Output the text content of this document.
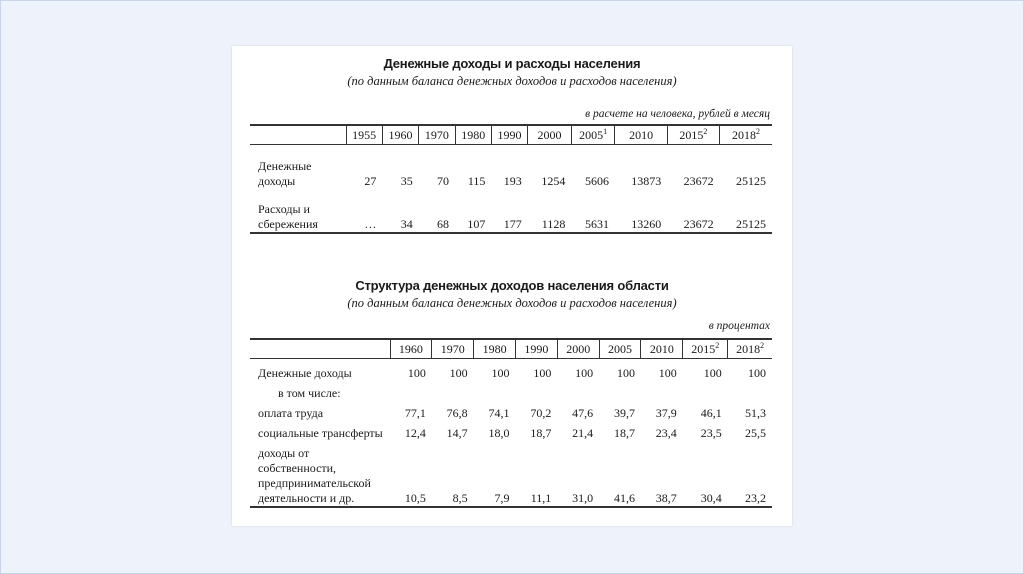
Денежные доходы и расходы населения
(по данным баланса денежных доходов и расходов населения)
в расчете на человека, рублей в месяц
	1955	1960	1970	1980	1990	2000	2005$^1$	2010	2015$^2$	2018$^2$

Денежные
доходы	27	35	70	115	193	1254	5606	13873	23672	25125

Расходы и
сбережения	…	34	68	107	177	1128	5631	13260	23672	25125
Структура денежных доходов населения области
(по данным баланса денежных доходов и расходов населения)
в процентах
	1960	1970	1980	1990	2000	2005	2010	2015$^2$	2018$^2$

Денежные доходы	100	100	100	100	100	100	100	100	100

в том числе:									

оплата труда	77,1	76,8	74,1	70,2	47,6	39,7	37,9	46,1	51,3

социальные трансферты	12,4	14,7	18,0	18,7	21,4	18,7	23,4	23,5	25,5

доходы от
собственности,
предпринимательской
деятельности и др.	10,5	8,5	7,9	11,1	31,0	41,6	38,7	30,4	23,2
